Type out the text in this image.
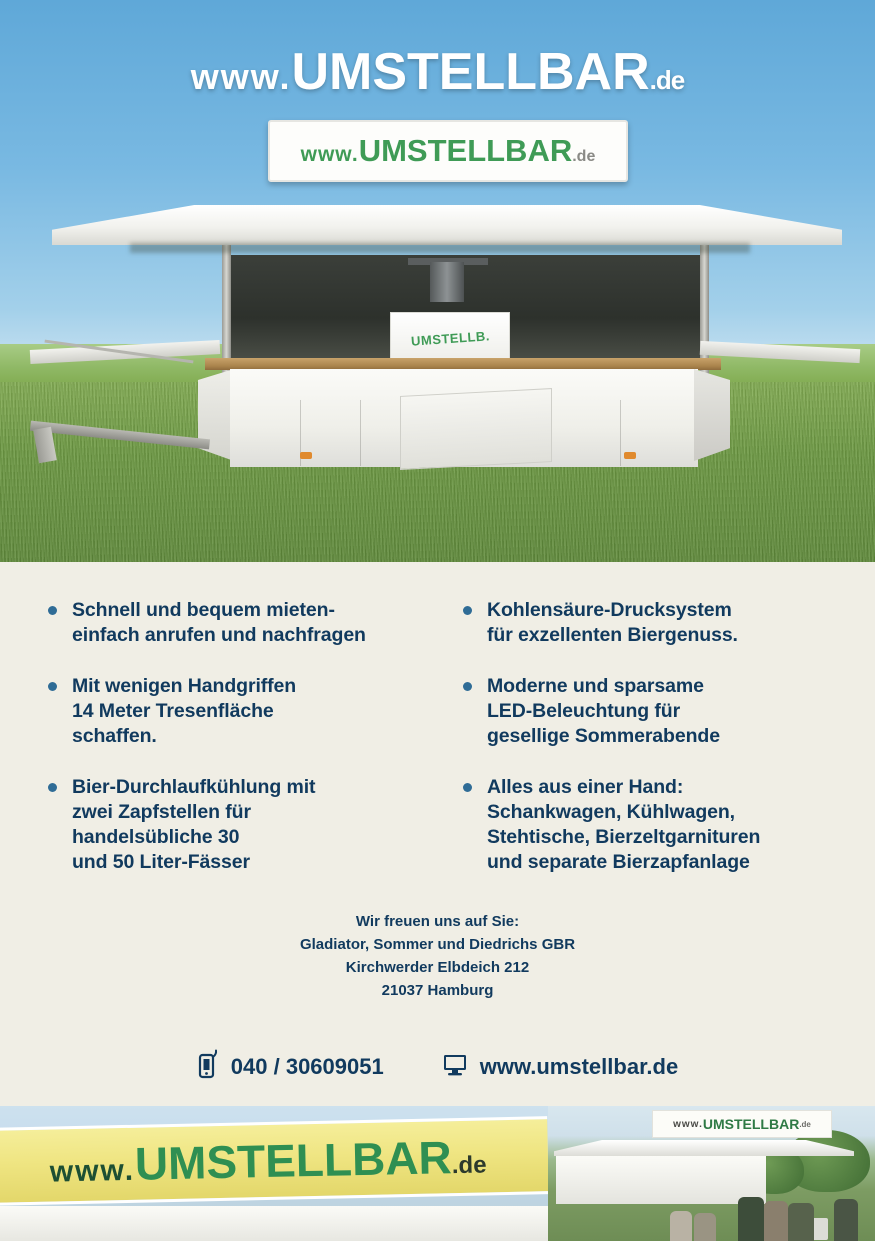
www.UMSTELLBAR.de
www.UMSTELLBAR.de
UMSTELLB.
Schnell und bequem mieten-
einfach anrufen und nachfragen
Mit wenigen Handgriffen
14 Meter Tresenfläche
schaffen.
Bier-Durchlaufkühlung mit
zwei Zapfstellen für
handelsübliche 30
und 50 Liter-Fässer
Kohlensäure-Drucksystem
für exzellenten Biergenuss.
Moderne und sparsame
LED-Beleuchtung für
gesellige Sommerabende
Alles aus einer Hand:
Schankwagen, Kühlwagen,
Stehtische, Bierzeltgarnituren
und separate Bierzapfanlage
Wir freuen uns auf Sie:
Gladiator, Sommer und Diedrichs GBR
Kirchwerder Elbdeich 212
21037 Hamburg
040 / 30609051	www.umstellbar.de
www.UMSTELLBAR.de
www. UMSTELLBAR .de
